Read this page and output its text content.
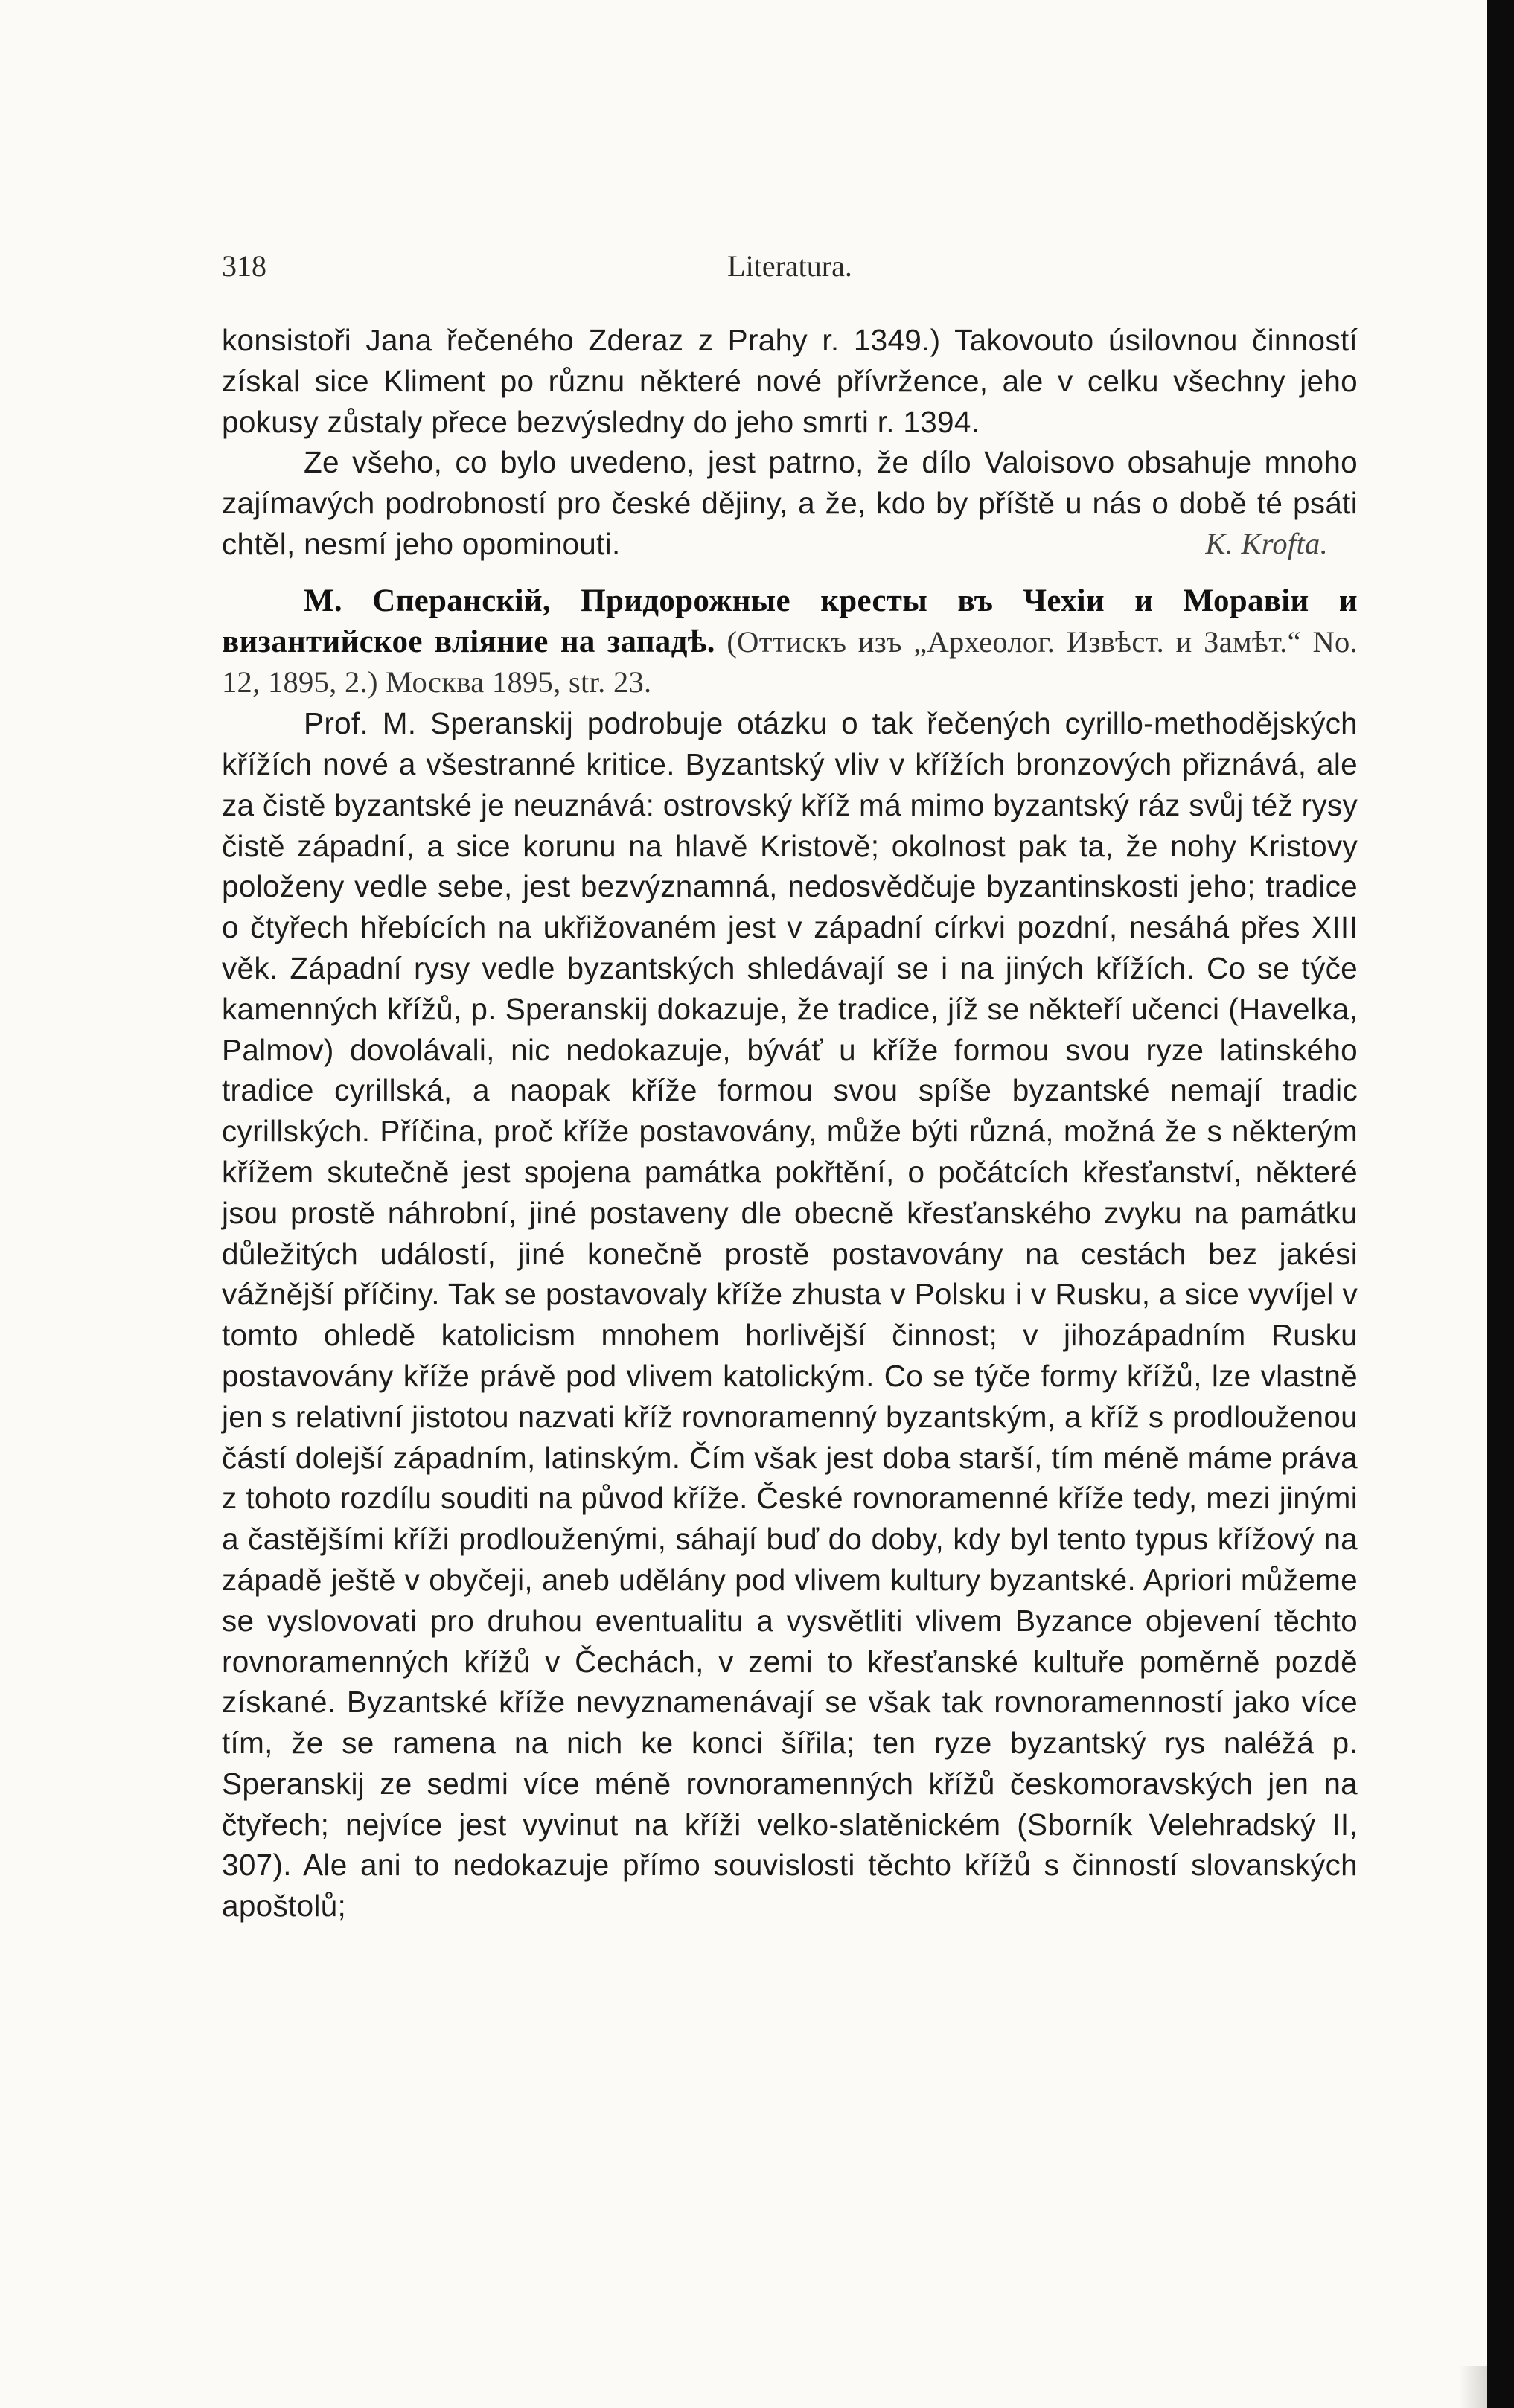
318	Literatura.

konsistoři Jana řečeného Zderaz z Prahy r. 1349.) Takovouto úsilovnou činností získal sice Kliment po různu některé nové přívržence, ale v celku všechny jeho pokusy zůstaly přece bezvýsledny do jeho smrti r. 1394.

Ze všeho, co bylo uvedeno, jest patrno, že dílo Valoisovo obsahuje mnoho zajímavých podrobností pro české dějiny, a že, kdo by příště u nás o době té psáti chtěl, nesmí jeho opominouti.	K. Krofta.

М. Сперанскій, Придорожные кресты въ Чехіи и Моравіи и византийское вліяние на западѣ. (Оттискъ изъ „Археолог. Извѣст. и Замѣт.“ No. 12, 1895, 2.) Москва 1895, str. 23.

Prof. M. Speranskij podrobuje otázku o tak řečených cyrillo-methodějských křížích nové a všestranné kritice. Byzantský vliv v křížích bronzových přiznává, ale za čistě byzantské je neuznává: ostrovský kříž má mimo byzantský ráz svůj též rysy čistě západní, a sice korunu na hlavě Kristově; okolnost pak ta, že nohy Kristovy položeny vedle sebe, jest bezvýznamná, nedosvědčuje byzantinskosti jeho; tradice o čtyřech hřebících na ukřižovaném jest v západní církvi pozdní, nesáhá přes XIII věk. Západní rysy vedle byzantských shledávají se i na jiných křížích. Co se týče kamenných křížů, p. Speranskij dokazuje, že tradice, jíž se někteří učenci (Havelka, Palmov) dovolávali, nic nedokazuje, býváť u kříže formou svou ryze latinského tradice cyrillská, a naopak kříže formou svou spíše byzantské nemají tradic cyrillských. Příčina, proč kříže postavovány, může býti různá, možná že s některým křížem skutečně jest spojena památka pokřtění, o počátcích křesťanství, některé jsou prostě náhrobní, jiné postaveny dle obecně křesťanského zvyku na památku důležitých událostí, jiné konečně prostě postavovány na cestách bez jakési vážnější příčiny. Tak se postavovaly kříže zhusta v Polsku i v Rusku, a sice vyvíjel v tomto ohledě katolicism mnohem horlivější činnost; v jihozápadním Rusku postavovány kříže právě pod vlivem katolickým. Co se týče formy křížů, lze vlastně jen s relativní jistotou nazvati kříž rovnoramenný byzantským, a kříž s prodlouženou částí dolejší západním, latinským. Čím však jest doba starší, tím méně máme práva z tohoto rozdílu souditi na původ kříže. České rovnoramenné kříže tedy, mezi jinými a častějšími kříži prodlouženými, sáhají buď do doby, kdy byl tento typus křížový na západě ještě v obyčeji, aneb udělány pod vlivem kultury byzantské. Apriori můžeme se vyslovovati pro druhou eventualitu a vysvětliti vlivem Byzance objevení těchto rovnoramenných křížů v Čechách, v zemi to křesťanské kultuře poměrně pozdě získané. Byzantské kříže nevyznamenávají se však tak rovnoramenností jako více tím, že se ramena na nich ke konci šířila; ten ryze byzantský rys naléžá p. Speranskij ze sedmi více méně rovnoramenných křížů českomoravských jen na čtyřech; nejvíce jest vyvinut na kříži velko-slatěnickém (Sborník Velehradský II, 307). Ale ani to nedokazuje přímo souvislosti těchto křížů s činností slovanských apoštolů;
